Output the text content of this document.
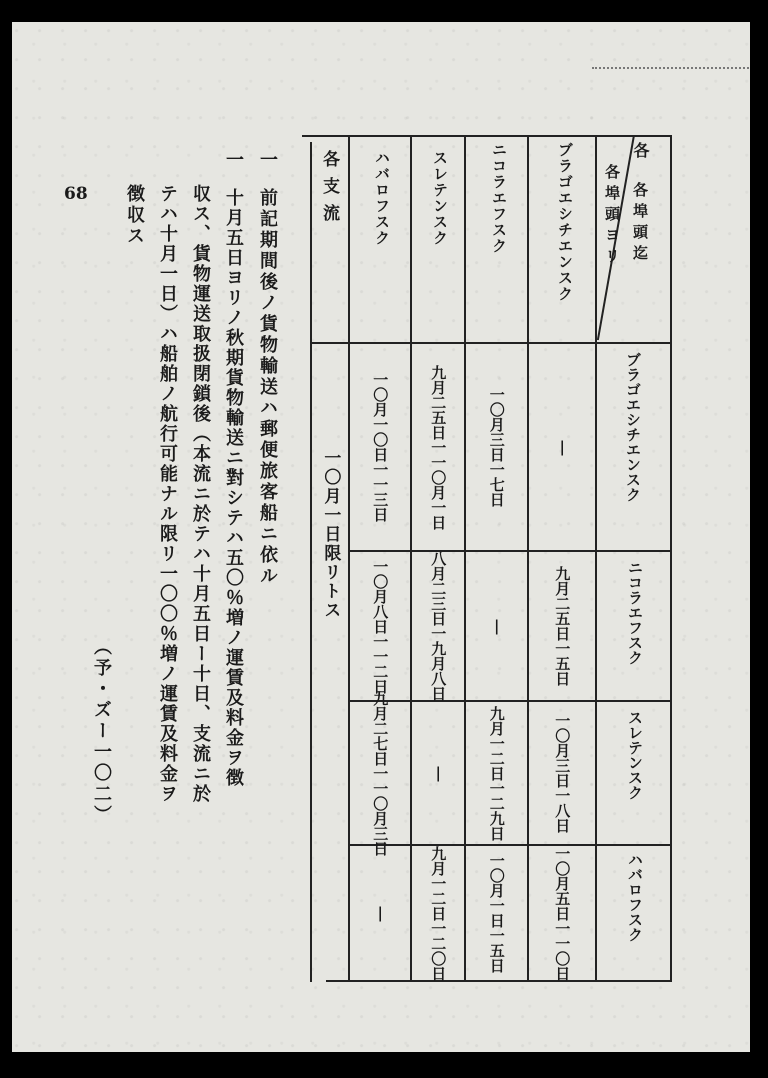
68
各
各埠頭ヨリ 各埠頭迄
ブラゴエシチエンスク
ニコラエフスク
スレテンスク
ハバロフスク
各支流
ブラゴエシチエンスク
ニコラエフスク
スレテンスク
ハバロフスク
|
一〇月三日
一七日
九月二五日
一一〇月一日
一〇月一〇日
一一三日
九月二五日
一五日
|
八月二三日
一九月八日
一〇月八日
一一二日
一〇月三日
一八日
九月一二日
一二九日
|
九月二七日
一一〇月三日
一〇月五日
一一〇日
一〇月一日
一五日
九月一二日
一二〇日
|
一〇月一日限リトス
一
前記期間後ノ貨物輸送ハ郵便旅客船ニ依ル
一
十月五日ヨリノ秋期貨物輸送ニ對シテハ五〇％増ノ運賃及料金ヲ徴
収ス、貨物運送取扱閉鎖後（本流ニ於テハ十月五日ー十日、支流ニ於
テハ十月一日）ハ船舶ノ航行可能ナル限リ一〇〇％増ノ運賃及料金ヲ
徴収ス
（予・ズー一〇二）
